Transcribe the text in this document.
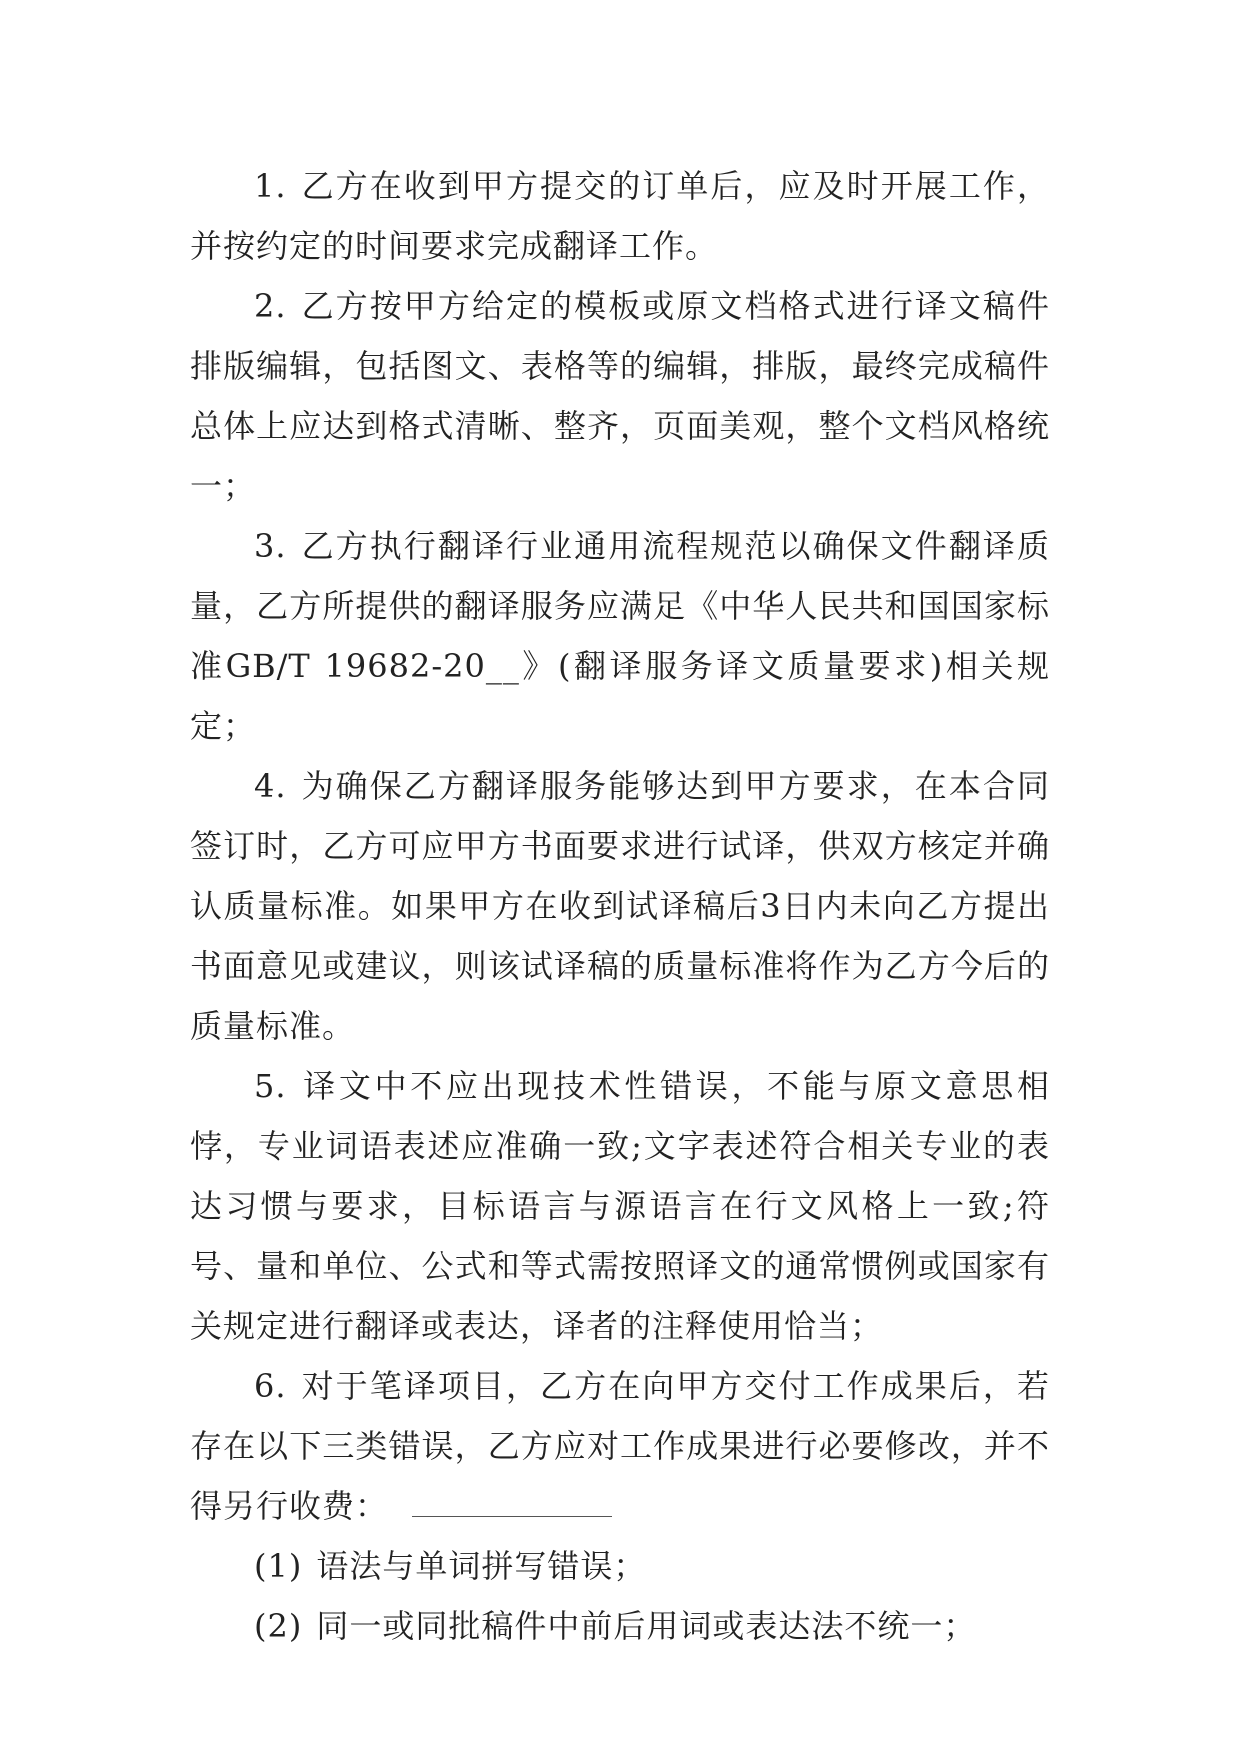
1. 乙方在收到甲方提交的订单后，应及时开展工作，并按约定的时间要求完成翻译工作。

2. 乙方按甲方给定的模板或原文档格式进行译文稿件排版编辑，包括图文、表格等的编辑，排版，最终完成稿件总体上应达到格式清晰、整齐，页面美观，整个文档风格统一；

3. 乙方执行翻译行业通用流程规范以确保文件翻译质量，乙方所提供的翻译服务应满足《中华人民共和国国家标准GB/T 19682-20__》(翻译服务译文质量要求)相关规定；

4. 为确保乙方翻译服务能够达到甲方要求，在本合同签订时，乙方可应甲方书面要求进行试译，供双方核定并确认质量标准。如果甲方在收到试译稿后3日内未向乙方提出书面意见或建议，则该试译稿的质量标准将作为乙方今后的质量标准。

5. 译文中不应出现技术性错误，不能与原文意思相悖，专业词语表述应准确一致;文字表述符合相关专业的表达习惯与要求，目标语言与源语言在行文风格上一致;符号、量和单位、公式和等式需按照译文的通常惯例或国家有关规定进行翻译或表达，译者的注释使用恰当；

6. 对于笔译项目，乙方在向甲方交付工作成果后，若存在以下三类错误，乙方应对工作成果进行必要修改，并不得另行收费：

(1) 语法与单词拼写错误；

(2) 同一或同批稿件中前后用词或表达法不统一；
